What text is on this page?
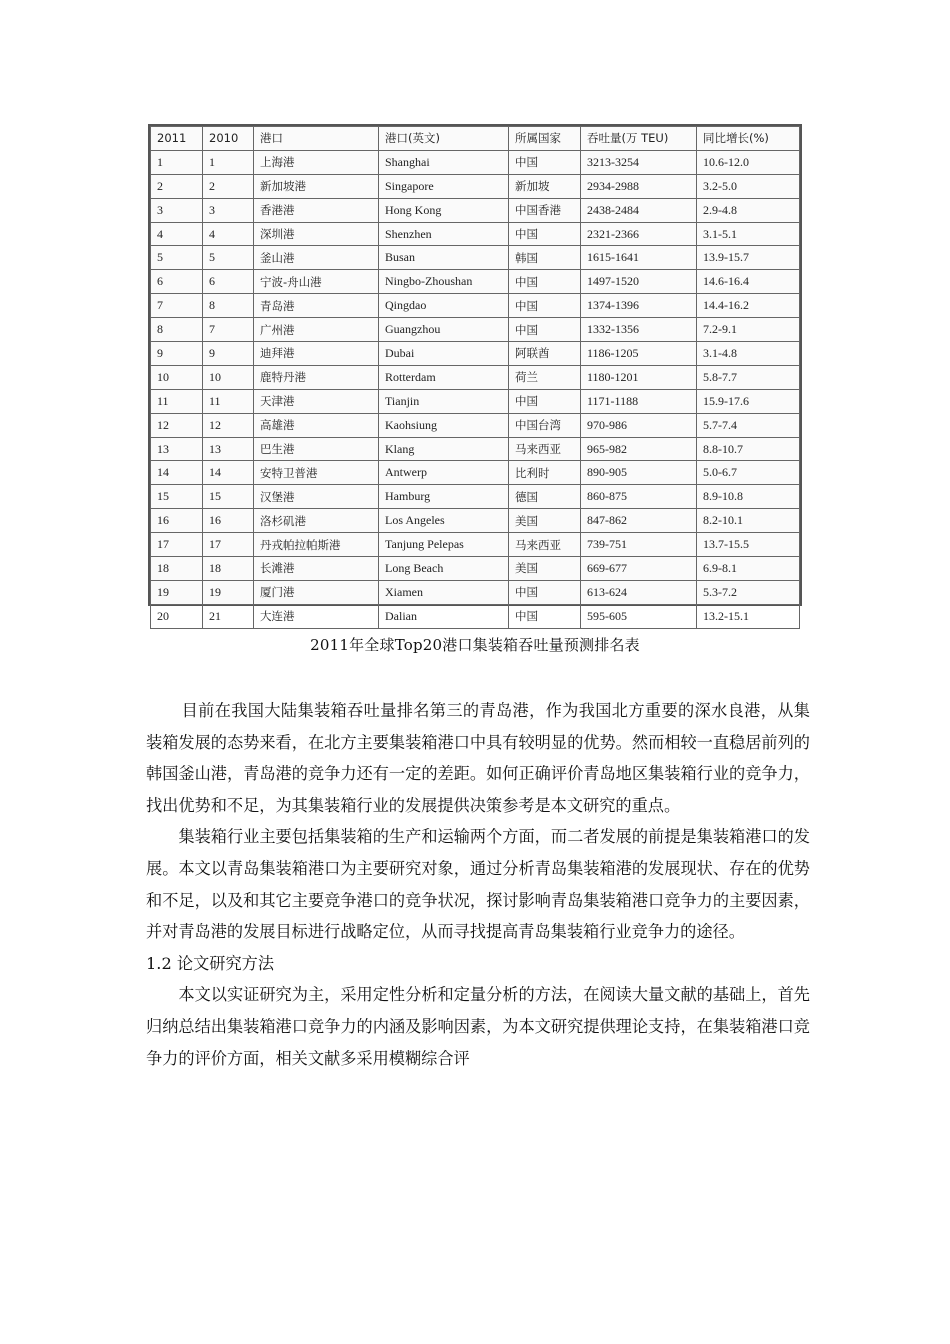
2011	2010	港口	港口(英文)	所属国家	吞吐量(万 TEU)	同比增长(%)
1	1	上海港	Shanghai	中国	3213-3254	10.6-12.0
2	2	新加坡港	Singapore	新加坡	2934-2988	3.2-5.0
3	3	香港港	Hong Kong	中国香港	2438-2484	2.9-4.8
4	4	深圳港	Shenzhen	中国	2321-2366	3.1-5.1
5	5	釜山港	Busan	韩国	1615-1641	13.9-15.7
6	6	宁波-舟山港	Ningbo-Zhoushan	中国	1497-1520	14.6-16.4
7	8	青岛港	Qingdao	中国	1374-1396	14.4-16.2
8	7	广州港	Guangzhou	中国	1332-1356	7.2-9.1
9	9	迪拜港	Dubai	阿联酋	1186-1205	3.1-4.8
10	10	鹿特丹港	Rotterdam	荷兰	1180-1201	5.8-7.7
11	11	天津港	Tianjin	中国	1171-1188	15.9-17.6
12	12	高雄港	Kaohsiung	中国台湾	970-986	5.7-7.4
13	13	巴生港	Klang	马来西亚	965-982	8.8-10.7
14	14	安特卫普港	Antwerp	比利时	890-905	5.0-6.7
15	15	汉堡港	Hamburg	德国	860-875	8.9-10.8
16	16	洛杉矶港	Los Angeles	美国	847-862	8.2-10.1
17	17	丹戎帕拉帕斯港	Tanjung Pelepas	马来西亚	739-751	13.7-15.5
18	18	长滩港	Long Beach	美国	669-677	6.9-8.1
19	19	厦门港	Xiamen	中国	613-624	5.3-7.2
20	21	大连港	Dalian	中国	595-605	13.2-15.1
2011年全球Top20港口集装箱吞吐量预测排名表

目前在我国大陆集装箱吞吐量排名第三的青岛港，作为我国北方重要的深水良港，从集装箱发展的态势来看，在北方主要集装箱港口中具有较明显的优势。然而相较一直稳居前列的韩国釜山港，青岛港的竞争力还有一定的差距。如何正确评价青岛地区集装箱行业的竞争力，找出优势和不足，为其集装箱行业的发展提供决策参考是本文研究的重点。

集装箱行业主要包括集装箱的生产和运输两个方面，而二者发展的前提是集装箱港口的发展。本文以青岛集装箱港口为主要研究对象，通过分析青岛集装箱港的发展现状、存在的优势和不足，以及和其它主要竞争港口的竞争状况，探讨影响青岛集装箱港口竞争力的主要因素，并对青岛港的发展目标进行战略定位，从而寻找提高青岛集装箱行业竞争力的途径。

1.2 论文研究方法

本文以实证研究为主，采用定性分析和定量分析的方法，在阅读大量文献的基础上，首先归纳总结出集装箱港口竞争力的内涵及影响因素，为本文研究提供理论支持，在集装箱港口竞争力的评价方面，相关文献多采用模糊综合评
